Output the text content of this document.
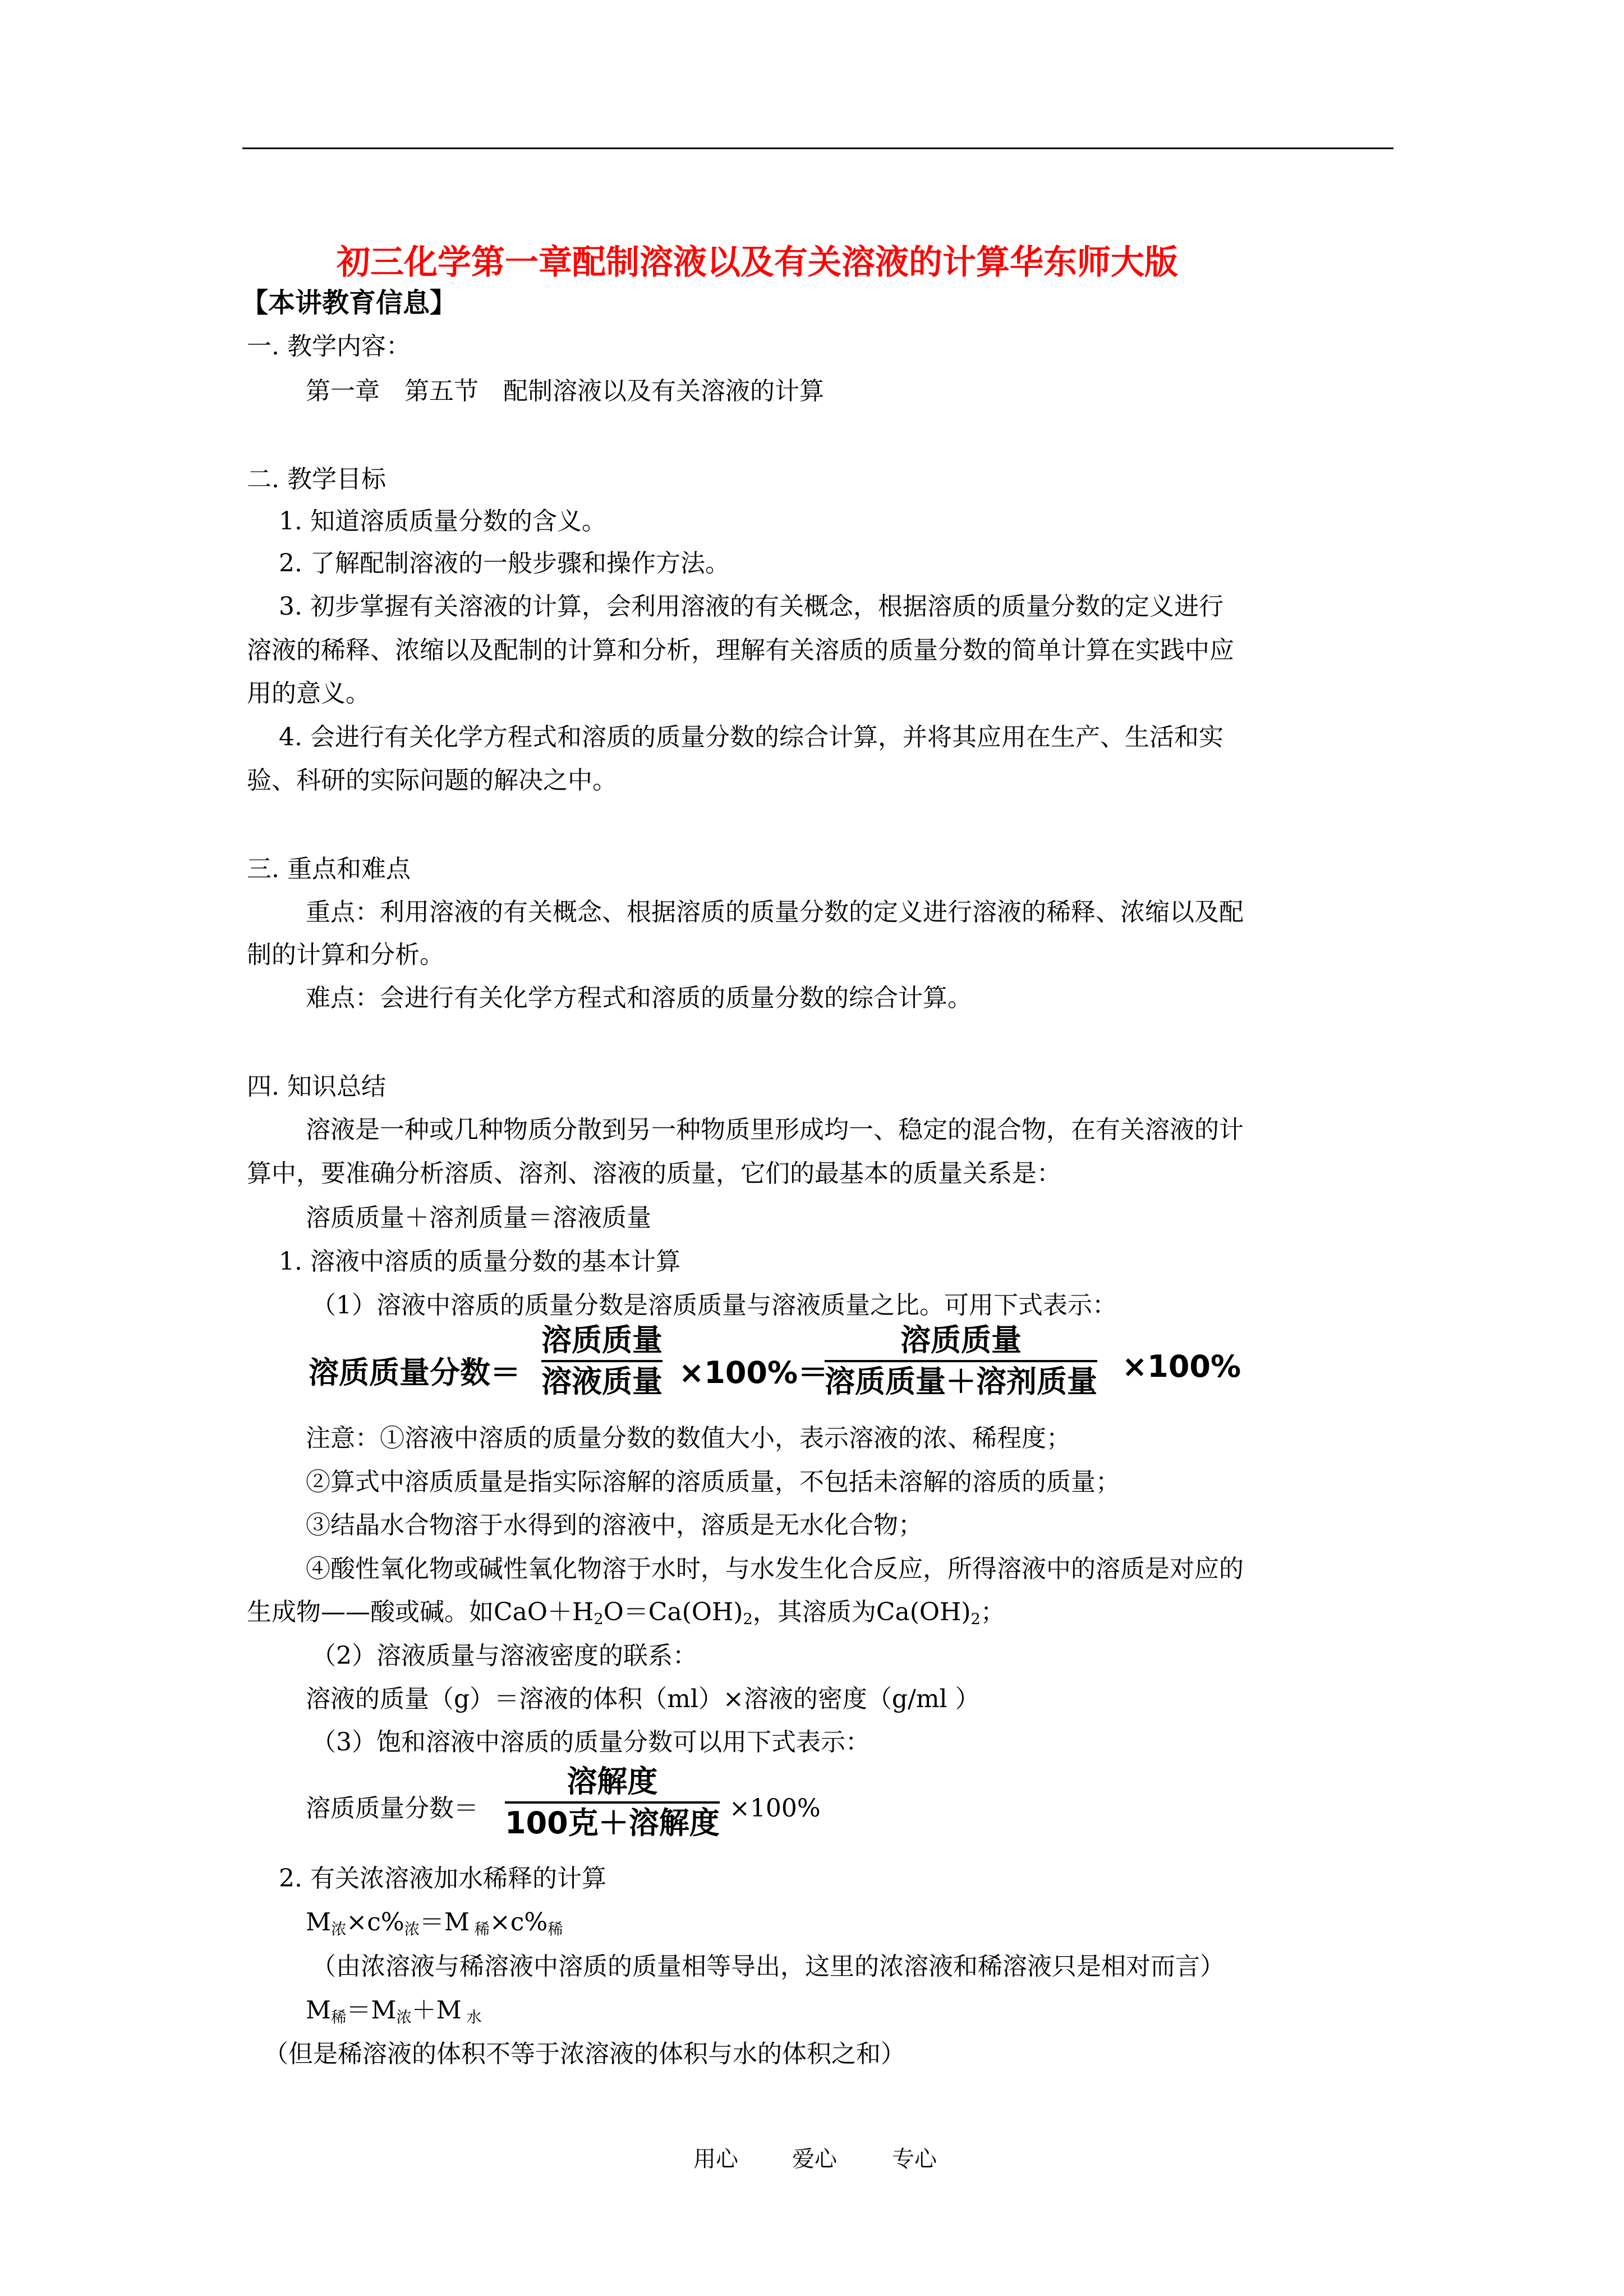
初三化学第一章配制溶液以及有关溶液的计算华东师大版
【本讲教育信息】
一. 教学内容：
第一章　第五节　配制溶液以及有关溶液的计算
二. 教学目标
1. 知道溶质质量分数的含义。
2. 了解配制溶液的一般步骤和操作方法。
3. 初步掌握有关溶液的计算，会利用溶液的有关概念，根据溶质的质量分数的定义进行
溶液的稀释、浓缩以及配制的计算和分析，理解有关溶质的质量分数的简单计算在实践中应
用的意义。
4. 会进行有关化学方程式和溶质的质量分数的综合计算，并将其应用在生产、生活和实
验、科研的实际问题的解决之中。
三. 重点和难点
重点：利用溶液的有关概念、根据溶质的质量分数的定义进行溶液的稀释、浓缩以及配
制的计算和分析。
难点：会进行有关化学方程式和溶质的质量分数的综合计算。
四. 知识总结
溶液是一种或几种物质分散到另一种物质里形成均一、稳定的混合物，在有关溶液的计
算中，要准确分析溶质、溶剂、溶液的质量，它们的最基本的质量关系是：
溶质质量＋溶剂质量＝溶液质量
1. 溶液中溶质的质量分数的基本计算
（1）溶液中溶质的质量分数是溶质质量与溶液质量之比。可用下式表示：
溶质质量分数＝
溶质质量
溶液质量 ×100%＝
溶质质量
溶质质量＋溶剂质量 ×100%
注意：①溶液中溶质的质量分数的数值大小，表示溶液的浓、稀程度；
②算式中溶质质量是指实际溶解的溶质质量，不包括未溶解的溶质的质量；
③结晶水合物溶于水得到的溶液中，溶质是无水化合物；
④酸性氧化物或碱性氧化物溶于水时，与水发生化合反应，所得溶液中的溶质是对应的
生成物——酸或碱。如$CaO+H_2O=Ca(OH)_2$，其溶质为$Ca(OH)_2$；
（2）溶液质量与溶液密度的联系：
溶液的质量（g）＝溶液的体积（ml）×溶液的密度（g/ml ）
（3）饱和溶液中溶质的质量分数可以用下式表示：
溶质质量分数＝
溶解度
100克＋溶解度 ×100%
2. 有关浓溶液加水稀释的计算
$M_浓\times c\%_浓=M$ $_稀\times c\%_稀$
（由浓溶液与稀溶液中溶质的质量相等导出，这里的浓溶液和稀溶液只是相对而言）
$M_稀=M_浓+M$ $_水$
（但是稀溶液的体积不等于浓溶液的体积与水的体积之和）
用心 爱心 专心
